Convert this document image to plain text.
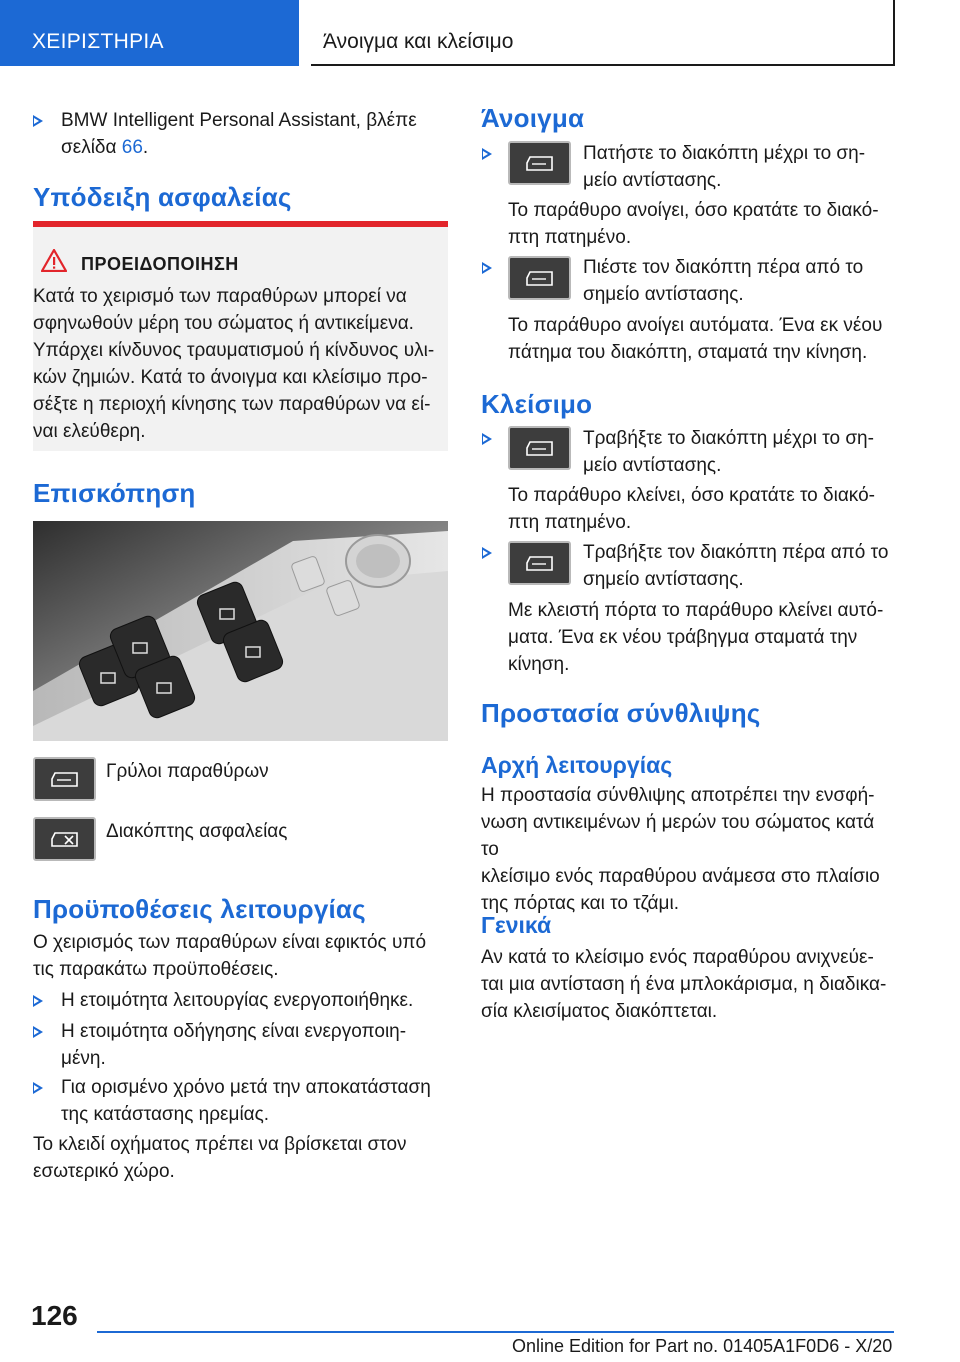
ΧΕΙΡΙΣΤΗΡΙΑ	Άνοιγμα και κλείσιμο
BMW Intelligent Personal Assistant, βλέπε
σελίδα 66.
Υπόδειξη ασφαλείας
ΠΡΟΕΙΔΟΠΟΙΗΣΗ
Κατά το χειρισμό των παραθύρων μπορεί να
σφηνωθούν μέρη του σώματος ή αντικείμενα.
Υπάρχει κίνδυνος τραυματισμού ή κίνδυνος υλι-
κών ζημιών. Κατά το άνοιγμα και κλείσιμο προ-
σέξτε η περιοχή κίνησης των παραθύρων να εί-
ναι ελεύθερη.
Επισκόπηση
Γρύλοι παραθύρων
Διακόπτης ασφαλείας
Προϋποθέσεις λειτουργίας
Ο χειρισμός των παραθύρων είναι εφικτός υπό
τις παρακάτω προϋποθέσεις.
Η ετοιμότητα λειτουργίας ενεργοποιήθηκε.
Η ετοιμότητα οδήγησης είναι ενεργοποιη-
μένη.
Για ορισμένο χρόνο μετά την αποκατάσταση
της κατάστασης ηρεμίας.
Το κλειδί οχήματος πρέπει να βρίσκεται στον
εσωτερικό χώρο.
Άνοιγμα
Πατήστε το διακόπτη μέχρι το ση-
μείο αντίστασης.
Το παράθυρο ανοίγει, όσο κρατάτε το διακό-
πτη πατημένο.
Πιέστε τον διακόπτη πέρα από το
σημείο αντίστασης.
Το παράθυρο ανοίγει αυτόματα. Ένα εκ νέου
πάτημα του διακόπτη, σταματά την κίνηση.
Κλείσιμο
Τραβήξτε το διακόπτη μέχρι το ση-
μείο αντίστασης.
Το παράθυρο κλείνει, όσο κρατάτε το διακό-
πτη πατημένο.
Τραβήξτε τον διακόπτη πέρα από το
σημείο αντίστασης.
Με κλειστή πόρτα το παράθυρο κλείνει αυτό-
ματα. Ένα εκ νέου τράβηγμα σταματά την
κίνηση.
Προστασία σύνθλιψης
Αρχή λειτουργίας
Η προστασία σύνθλιψης αποτρέπει την ενσφή-
νωση αντικειμένων ή μερών του σώματος κατά το
κλείσιμο ενός παραθύρου ανάμεσα στο πλαίσιο
της πόρτας και το τζάμι.
Γενικά
Αν κατά το κλείσιμο ενός παραθύρου ανιχνεύε-
ται μια αντίσταση ή ένα μπλοκάρισμα, η διαδικα-
σία κλεισίματος διακόπτεται.
126
Online Edition for Part no. 01405A1F0D6 - X/20
